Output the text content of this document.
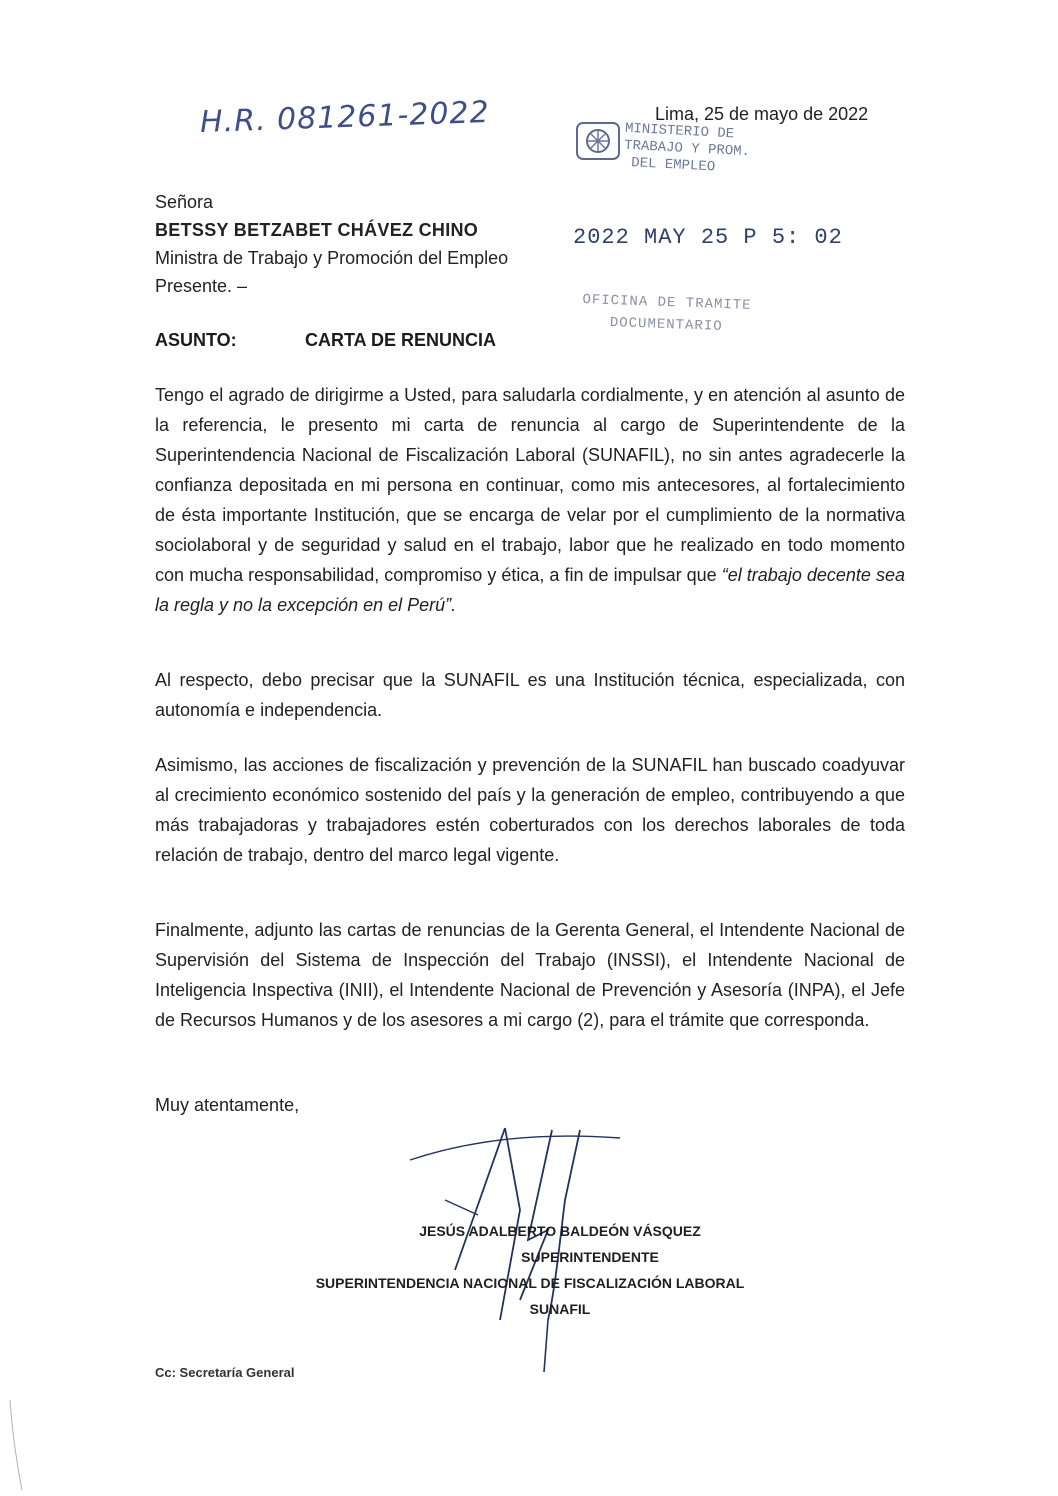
H.R. 081261-2022	Lima, 25 de mayo de 2022
MINISTERIO DE
TRABAJO Y PROM.
DEL EMPLEO
Señora
BETSSY BETZABET CHÁVEZ CHINO
Ministra de Trabajo y Promoción del Empleo
Presente. –
2022 MAY 25 P 5: 02
OFICINA DE TRAMITE
DOCUMENTARIO
ASUNTO:	CARTA DE RENUNCIA

Tengo el agrado de dirigirme a Usted, para saludarla cordialmente, y en atención al asunto de la referencia, le presento mi carta de renuncia al cargo de Superintendente de la Superintendencia Nacional de Fiscalización Laboral (SUNAFIL), no sin antes agradecerle la confianza depositada en mi persona en continuar, como mis antecesores, al fortalecimiento de ésta importante Institución, que se encarga de velar por el cumplimiento de la normativa sociolaboral y de seguridad y salud en el trabajo, labor que he realizado en todo momento con mucha responsabilidad, compromiso y ética, a fin de impulsar que “el trabajo decente sea la regla y no la excepción en el Perú”.

Al respecto, debo precisar que la SUNAFIL es una Institución técnica, especializada, con autonomía e independencia.

Asimismo, las acciones de fiscalización y prevención de la SUNAFIL han buscado coadyuvar al crecimiento económico sostenido del país y la generación de empleo, contribuyendo a que más trabajadoras y trabajadores estén coberturados con los derechos laborales de toda relación de trabajo, dentro del marco legal vigente.

Finalmente, adjunto las cartas de renuncias de la Gerenta General, el Intendente Nacional de Supervisión del Sistema de Inspección del Trabajo (INSSI), el Intendente Nacional de Inteligencia Inspectiva (INII), el Intendente Nacional de Prevención y Asesoría (INPA), el Jefe de Recursos Humanos y de los asesores a mi cargo (2), para el trámite que corresponda.

Muy atentamente,
JESÚS ADALBERTO BALDEÓN VÁSQUEZ
SUPERINTENDENTE
SUPERINTENDENCIA NACIONAL DE FISCALIZACIÓN LABORAL
SUNAFIL
Cc: Secretaría General
